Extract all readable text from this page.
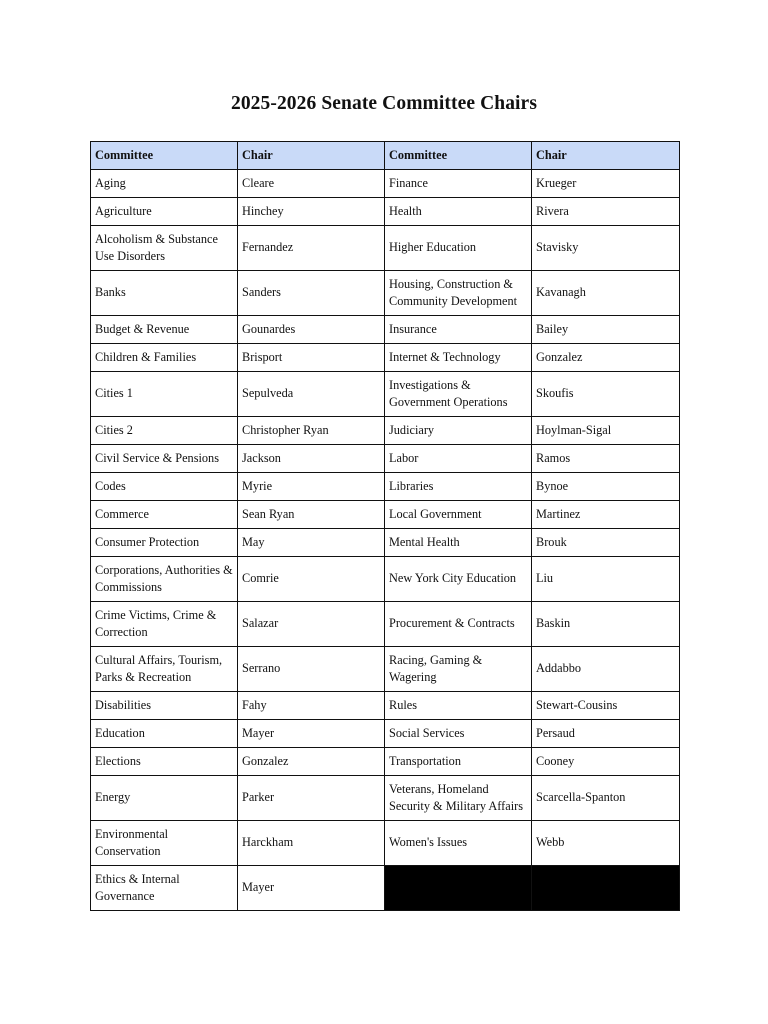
2025-2026 Senate Committee Chairs
Committee	Chair	Committee	Chair
Aging	Cleare	Finance	Krueger
Agriculture	Hinchey	Health	Rivera
Alcoholism & Substance Use Disorders	Fernandez	Higher Education	Stavisky
Banks	Sanders	Housing, Construction & Community Development	Kavanagh
Budget & Revenue	Gounardes	Insurance	Bailey
Children & Families	Brisport	Internet & Technology	Gonzalez
Cities 1	Sepulveda	Investigations & Government Operations	Skoufis
Cities 2	Christopher Ryan	Judiciary	Hoylman-Sigal
Civil Service & Pensions	Jackson	Labor	Ramos
Codes	Myrie	Libraries	Bynoe
Commerce	Sean Ryan	Local Government	Martinez
Consumer Protection	May	Mental Health	Brouk
Corporations, Authorities & Commissions	Comrie	New York City Education	Liu
Crime Victims, Crime & Correction	Salazar	Procurement & Contracts	Baskin
Cultural Affairs, Tourism, Parks & Recreation	Serrano	Racing, Gaming & Wagering	Addabbo
Disabilities	Fahy	Rules	Stewart-Cousins
Education	Mayer	Social Services	Persaud
Elections	Gonzalez	Transportation	Cooney
Energy	Parker	Veterans, Homeland Security & Military Affairs	Scarcella-Spanton
Environmental Conservation	Harckham	Women's Issues	Webb
Ethics & Internal Governance	Mayer		
